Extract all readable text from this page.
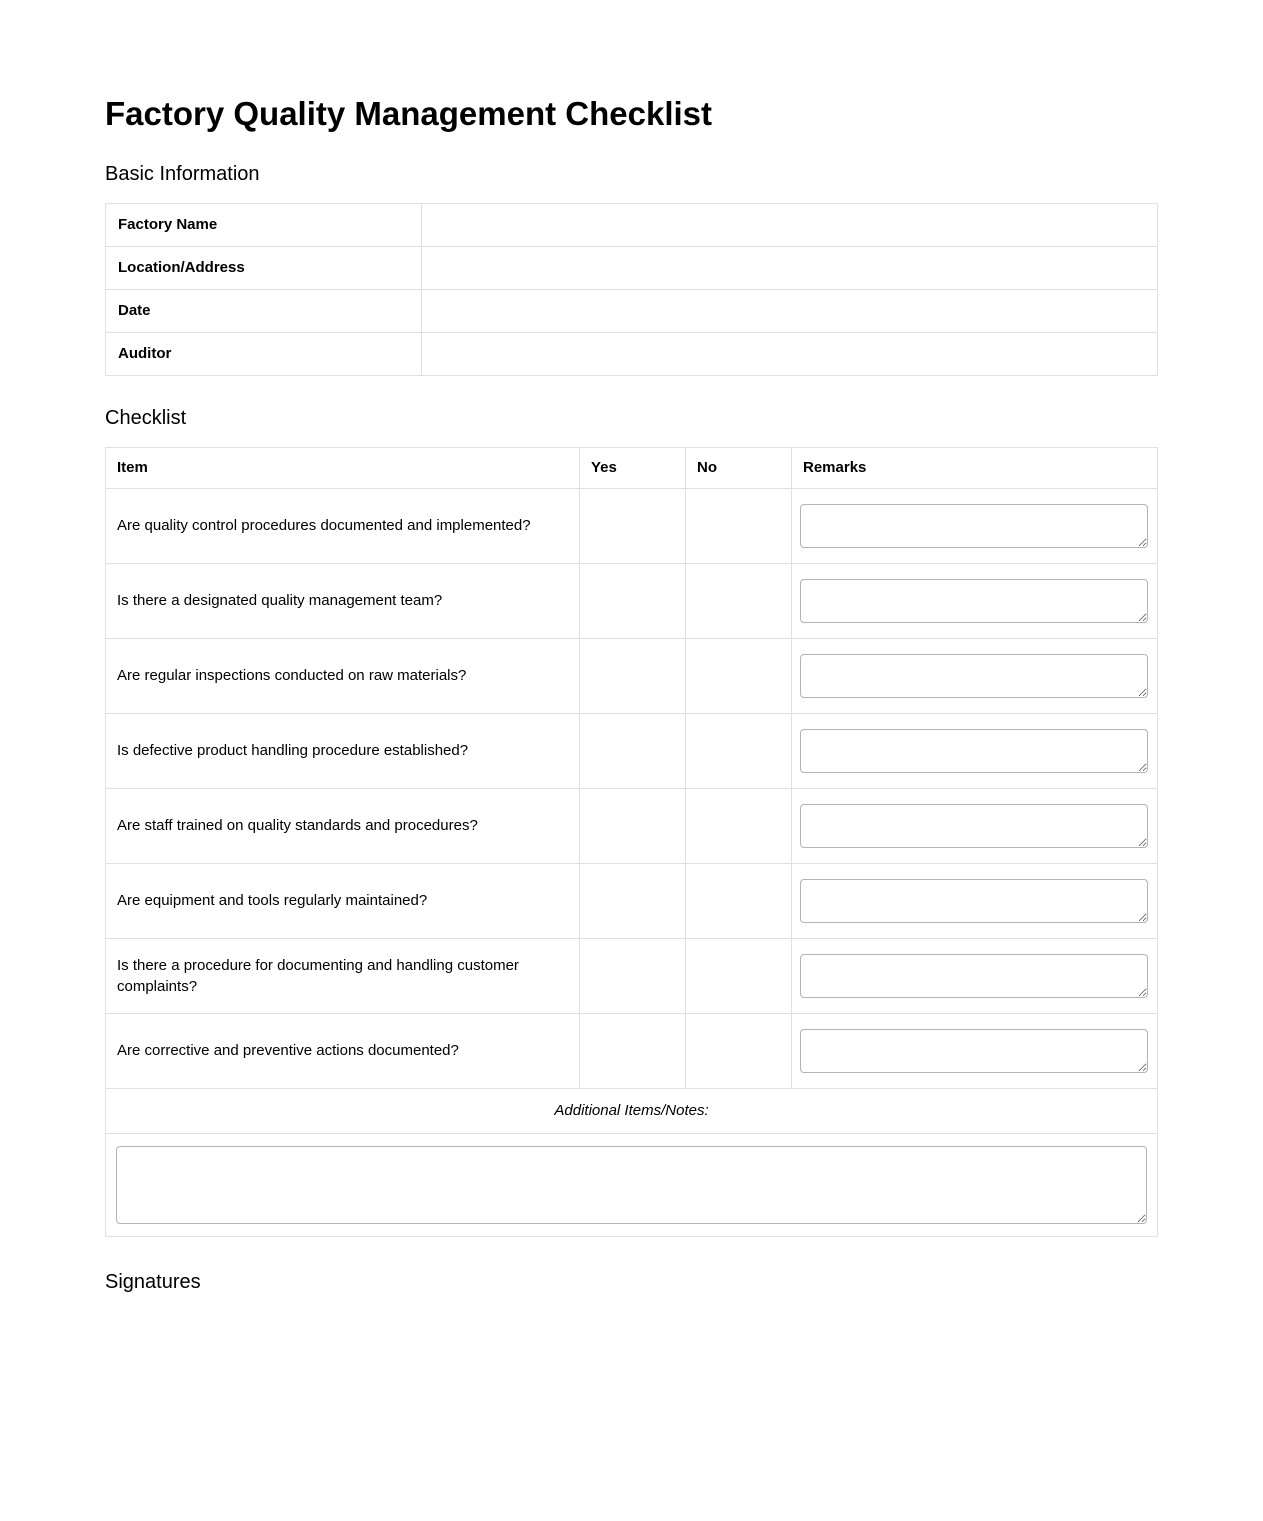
Factory Quality Management Checklist
Basic Information
Factory Name	
Location/Address	
Date	
Auditor	
Checklist
Item	Yes	No	Remarks
Are quality control procedures documented and implemented?			

Is there a designated quality management team?			

Are regular inspections conducted on raw materials?			

Is defective product handling procedure established?			

Are staff trained on quality standards and procedures?			

Are equipment and tools regularly maintained?			

Is there a procedure for documenting and handling customer complaints?			

Are corrective and preventive actions documented?			

Additional Items/Notes:			

Signatures
